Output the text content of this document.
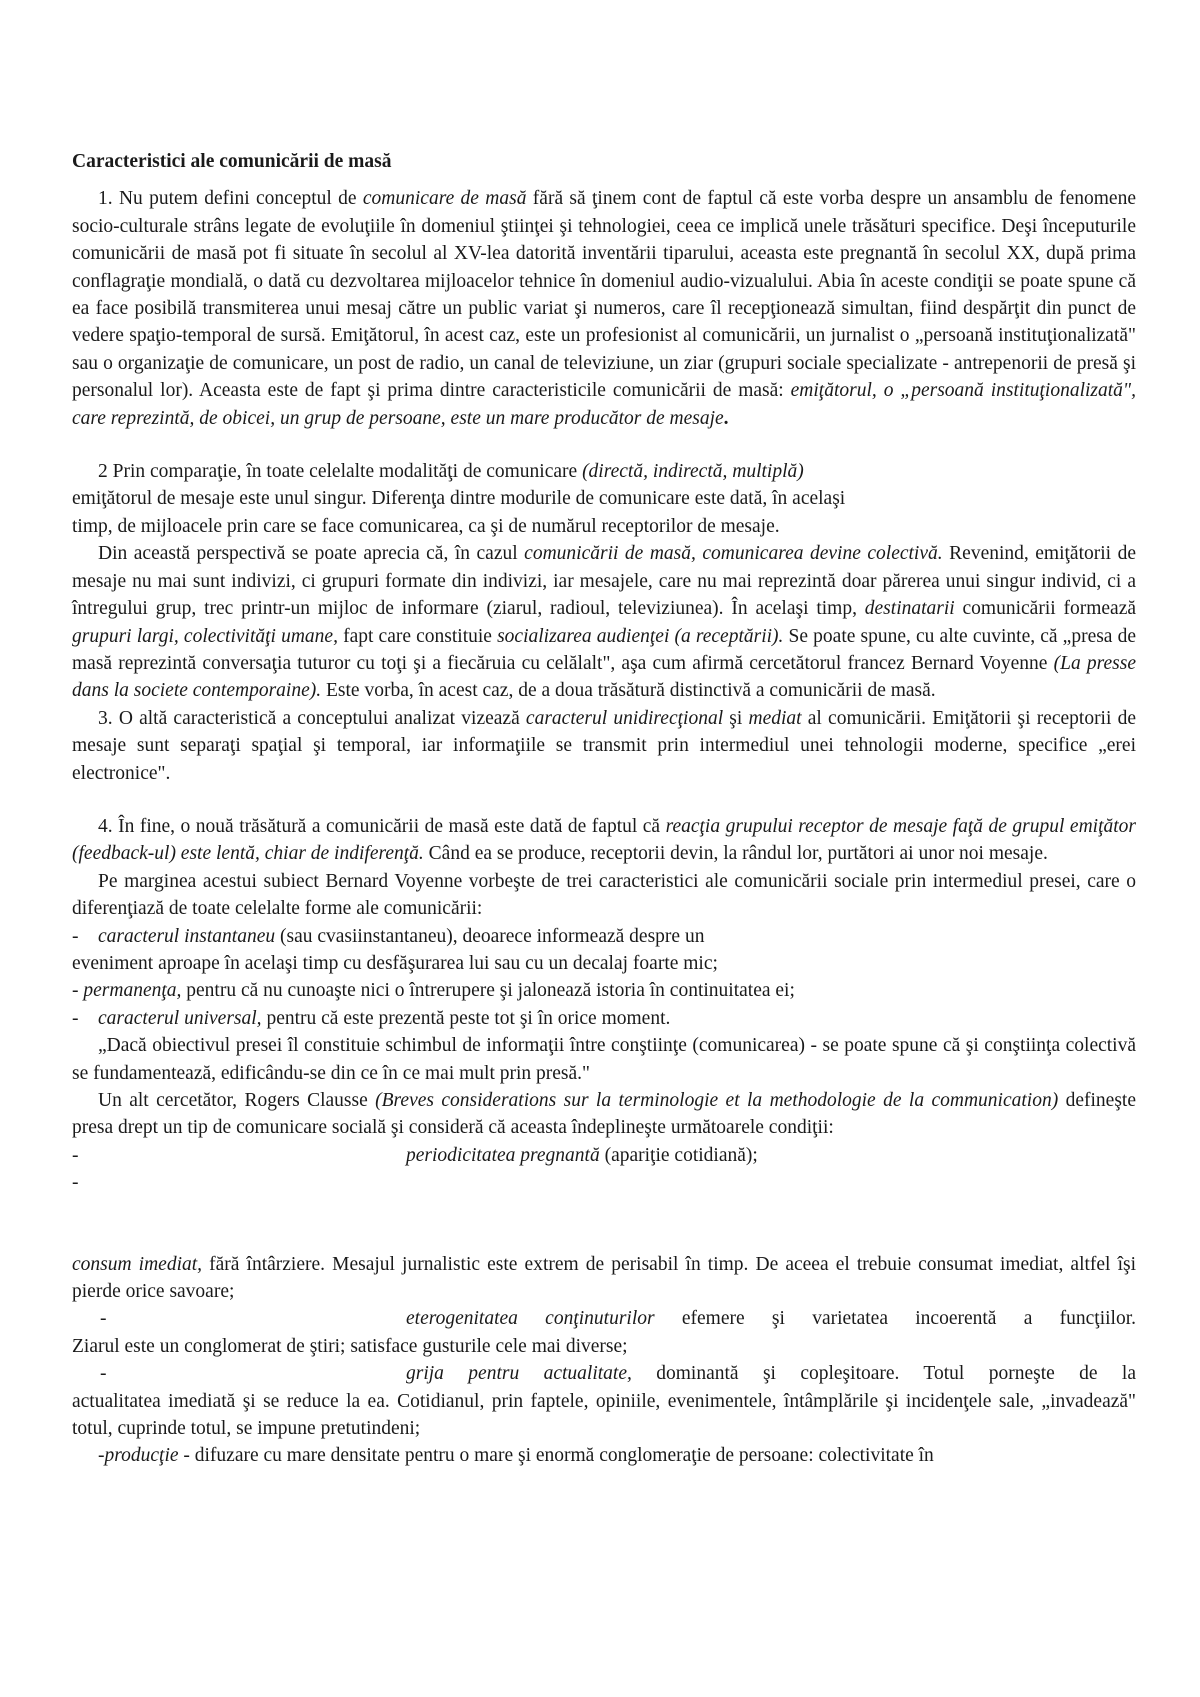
Caracteristici ale comunicării de masă

1. Nu putem defini conceptul de comunicare de masă fără să ţinem cont de faptul că este vorba despre un ansamblu de fenomene socio-culturale strâns legate de evoluţiile în domeniul ştiinţei şi tehnologiei, ceea ce implică unele trăsături specifice. Deşi începuturile comunicării de masă pot fi situate în secolul al XV-lea datorită inventării tiparului, aceasta este pregnantă în secolul XX, după prima conflagraţie mondială, o dată cu dezvoltarea mijloacelor tehnice în domeniul audio-vizualului. Abia în aceste condiţii se poate spune că ea face posibilă transmiterea unui mesaj către un public variat şi numeros, care îl recepţionează simultan, fiind despărţit din punct de vedere spaţio-temporal de sursă. Emiţătorul, în acest caz, este un profesionist al comunicării, un jurnalist o „persoană instituţionalizată" sau o organizaţie de comunicare, un post de radio, un canal de televiziune, un ziar (grupuri sociale specializate - antrepenorii de presă şi personalul lor). Aceasta este de fapt şi prima dintre caracteristicile comunicării de masă: emiţătorul, o „persoană instituţionalizată", care reprezintă, de obicei, un grup de persoane, este un mare producător de mesaje.

2 Prin comparaţie, în toate celelalte modalităţi de comunicare (directă, indirectă, multiplă) emiţătorul de mesaje este unul singur. Diferenţa dintre modurile de comunicare este dată, în acelaşi timp, de mijloacele prin care se face comunicarea, ca şi de numărul receptorilor de mesaje.

Din această perspectivă se poate aprecia că, în cazul comunicării de masă, comunicarea devine colectivă. Revenind, emiţătorii de mesaje nu mai sunt indivizi, ci grupuri formate din indivizi, iar mesajele, care nu mai reprezintă doar părerea unui singur individ, ci a întregului grup, trec printr-un mijloc de informare (ziarul, radioul, televiziunea). În acelaşi timp, destinatarii comunicării formează grupuri largi, colectivităţi umane, fapt care constituie socializarea audienţei (a receptării). Se poate spune, cu alte cuvinte, că „presa de masă reprezintă conversaţia tuturor cu toţi şi a fiecăruia cu celălalt", aşa cum afirmă cercetătorul francez Bernard Voyenne (La presse dans la societe contemporaine). Este vorba, în acest caz, de a doua trăsătură distinctivă a comunicării de masă.

3. O altă caracteristică a conceptului analizat vizează caracterul unidirecţional şi mediat al comunicării. Emiţătorii şi receptorii de mesaje sunt separaţi spaţial şi temporal, iar informaţiile se transmit prin intermediul unei tehnologii moderne, specifice „erei electronice".

4. În fine, o nouă trăsătură a comunicării de masă este dată de faptul că reacţia grupului receptor de mesaje faţă de grupul emiţător (feedback-ul) este lentă, chiar de indiferenţă. Când ea se produce, receptorii devin, la rândul lor, purtători ai unor noi mesaje.

Pe marginea acestui subiect Bernard Voyenne vorbeşte de trei caracteristici ale comunicării sociale prin intermediul presei, care o diferenţiază de toate celelalte forme ale comunicării:

- caracterul instantaneu (sau cvasiinstantaneu), deoarece informează despre un

eveniment aproape în acelaşi timp cu desfăşurarea lui sau cu un decalaj foarte mic;

- permanenţa, pentru că nu cunoaşte nici o întrerupere şi jalonează istoria în continuitatea ei;

- caracterul universal, pentru că este prezentă peste tot şi în orice moment.

„Dacă obiectivul presei îl constituie schimbul de informaţii între conştiinţe (comunicarea) - se poate spune că şi conştiinţa colectivă se fundamentează, edificându-se din ce în ce mai mult prin presă."

Un alt cercetător, Rogers Clausse (Breves considerations sur la terminologie et la methodologie de la communication) defineşte presa drept un tip de comunicare socială şi consideră că aceasta îndeplineşte următoarele condiţii:

-	periodicitatea pregnantă (apariţie cotidiană);
-

consum imediat, fără întârziere. Mesajul jurnalistic este extrem de perisabil în timp. De aceea el trebuie consumat imediat, altfel îşi pierde orice savoare;

-	eterogenitatea conţinuturilor efemere şi varietatea incoerentă a funcţiilor.

Ziarul este un conglomerat de ştiri; satisface gusturile cele mai diverse;

-	grija pentru actualitate, dominantă şi copleşitoare. Totul porneşte de la

actualitatea imediată şi se reduce la ea. Cotidianul, prin faptele, opiniile, evenimentele, întâmplările şi incidenţele sale, „invadează" totul, cuprinde totul, se impune pretutindeni;

-producţie - difuzare cu mare densitate pentru o mare şi enormă conglomeraţie de persoane: colectivitate în
